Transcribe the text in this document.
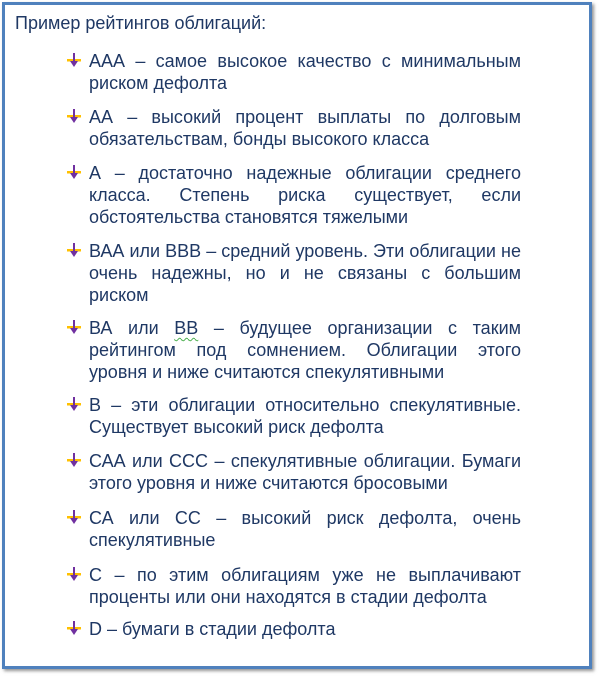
Пример рейтингов облигаций:

ААА – самое высокое качество с минимальным риском дефолта
АА – высокий процент выплаты по долговым обязательствам, бонды высокого класса
А – достаточно надежные облигации среднего класса. Степень риска существует, если обстоятельства становятся тяжелыми
ВАА или ВВВ – средний уровень. Эти облигации не очень надежны, но и не связаны с большим риском
ВА или ВВ – будущее организации с таким рейтингом под сомнением. Облигации этого уровня и ниже считаются спекулятивными
В – эти облигации относительно спекулятивные. Существует высокий риск дефолта
САА или ССС – спекулятивные облигации. Бумаги этого уровня и ниже считаются бросовыми
СА или СС – высокий риск дефолта, очень спекулятивные
С – по этим облигациям уже не выплачивают проценты или они находятся в стадии дефолта
D – бумаги в стадии дефолта
